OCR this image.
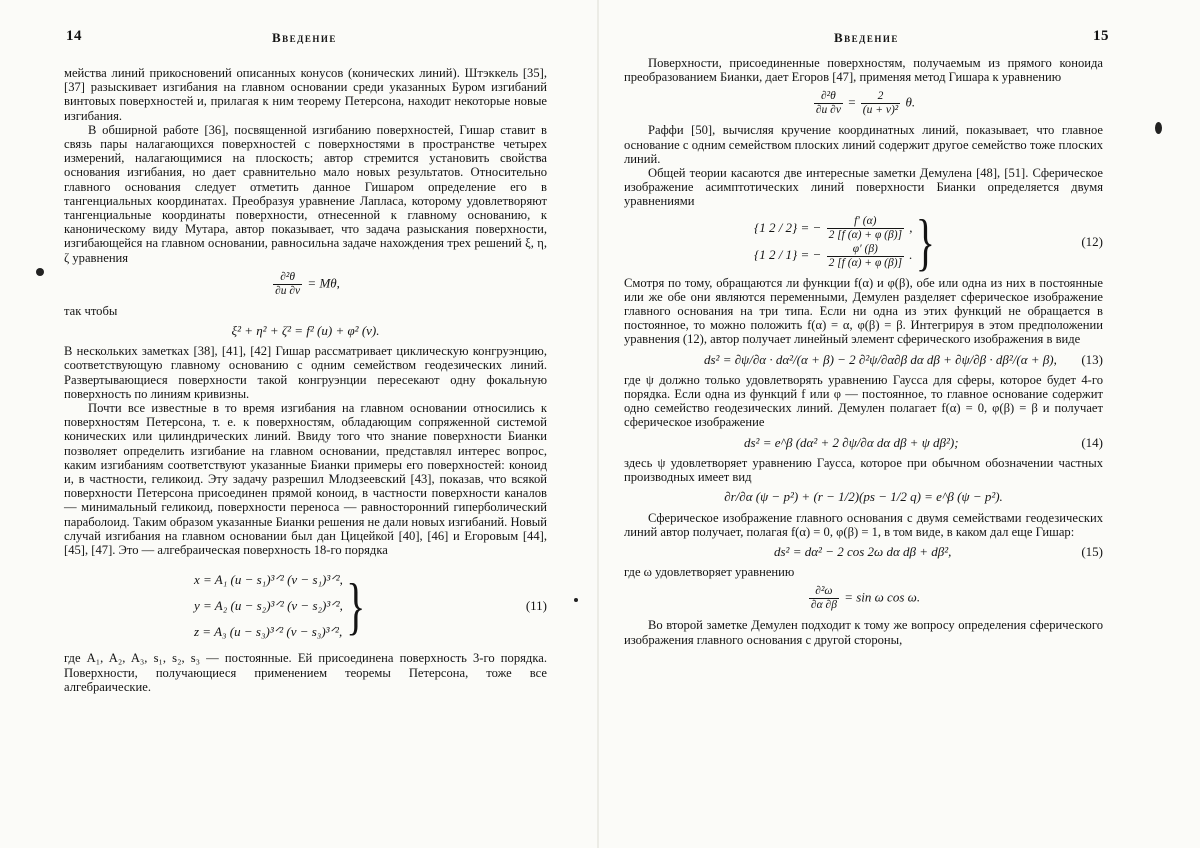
14	Введение

мейства линий прикосновений описанных конусов (конических линий). Штэккель [35], [37] разыскивает изгибания на главном основании среди указанных Буром изгибаний винтовых поверхностей и, прилагая к ним теорему Петерсона, находит некоторые новые изгибания.

В обширной работе [36], посвященной изгибанию поверхностей, Гишар ставит в связь пары налагающихся поверхностей с поверхностями в пространстве четырех измерений, налагающимися на плоскость; автор стремится установить свойства основания изгибания, но дает сравнительно мало новых результатов. Относительно главного основания следует отметить данное Гишаром определение его в тангенциальных координатах. Преобразуя уравнение Лапласа, которому удовлетворяют тангенциальные координаты поверхности, отнесенной к главному основанию, к каноническому виду Мутара, автор показывает, что задача разыскания поверхности, изгибающейся на главном основании, равносильна задаче нахождения трех решений ξ, η, ζ уравнения

$\frac{\text{∂²θ}}{\partial u \partial v} = M\theta$,

так чтобы

ξ² + η² + ζ² = f² (u) + φ² (v).

В нескольких заметках [38], [41], [42] Гишар рассматривает циклическую конгруэнцию, соответствующую главному основанию с одним семейством геодезических линий. Развертывающиеся поверхности такой конгруэнции пересекают одну фокальную поверхность по линиям кривизны.

Почти все известные в то время изгибания на главном основании относились к поверхностям Петерсона, т. е. к поверхностям, обладающим сопряженной системой конических или цилиндрических линий. Ввиду того что знание поверхности Бианки позволяет определить изгибание на главном основании, представлял интерес вопрос, каким изгибаниям соответствуют указанные Бианки примеры его поверхностей: коноид и, в частности, геликоид. Эту задачу разрешил Млодзеевский [43], показав, что всякой поверхности Петерсона присоединен прямой коноид, в частности поверхности каналов — минимальный геликоид, поверхности переноса — равносторонний гиперболический параболоид. Таким образом указанные Бианки решения не дали новых изгибаний. Новый случай изгибания на главном основании был дан Цицейкой [40], [46] и Егоровым [44], [45], [47]. Это — алгебраическая поверхность 18-го порядка

x = A₁ (u − s₁)³ᐟ² (v − s₁)³ᐟ²,
y = A₂ (u − s₂)³ᐟ² (v − s₂)³ᐟ²,
z = A₃ (u − s₃)³ᐟ² (v − s₃)³ᐟ², }	(11)

где A₁, A₂, A₃, s₁, s₂, s₃ — постоянные. Ей присоединена поверхность 3-го порядка. Поверхности, получающиеся применением теоремы Петерсона, тоже все алгебраические.

Введение	15

Поверхности, присоединенные поверхностям, получаемым из прямого коноида преобразованием Бианки, дает Егоров [47], применяя метод Гишара к уравнению

$\frac{\text{∂²θ}}{\partial u \partial v} = \frac{2}{\text{(u + v)²}} \theta$.

Раффи [50], вычисляя кручение координатных линий, показывает, что главное основание с одним семейством плоских линий содержит другое семейство тоже плоских линий.

Общей теории касаются две интересные заметки Демулена [48], [51]. Сферическое изображение асимптотических линий поверхности Бианки определяется двумя уравнениями

{1 2 / 2} = − $\frac{f' (\alpha)}{2 [f (\alpha) + \varphi (\beta)]}$ ,
{1 2 / 1} = − $\frac{\varphi' (\beta)}{2 [f (\alpha) + \varphi (\beta)]}$ . }	(12)

Смотря по тому, обращаются ли функции f(α) и φ(β), обе или одна из них в постоянные или же обе они являются переменными, Демулен разделяет сферическое изображение главного основания на три типа. Если ни одна из этих функций не обращается в постоянное, то можно положить f(α) = α, φ(β) = β. Интегрируя в этом предположении уравнения (12), автор получает линейный элемент сферического изображения в виде

ds² = ∂ψ/∂α · dα²/(α + β) − 2 ∂²ψ/∂α∂β dα dβ + ∂ψ/∂β · dβ²/(α + β), (13)

где ψ должно только удовлетворять уравнению Гаусса для сферы, которое будет 4-го порядка. Если одна из функций f или φ — постоянное, то главное основание содержит одно семейство геодезических линий. Демулен полагает f(α) = 0, φ(β) = β и получает сферическое изображение

ds² = e^β (dα² + 2 ∂ψ/∂α dα dβ + ψ dβ²);	(14)

здесь ψ удовлетворяет уравнению Гаусса, которое при обычном обозначении частных производных имеет вид

∂r/∂α (ψ − p²) + (r − 1/2)(ps − 1/2 q) = e^β (ψ − p²).

Сферическое изображение главного основания с двумя семействами геодезических линий автор получает, полагая f(α) = 0, φ(β) = 1, в том виде, в каком дал еще Гишар:

ds² = dα² − 2 cos 2ω dα dβ + dβ²,	(15)

где ω удовлетворяет уравнению

$\frac{\text{∂²ω}}{\partial\alpha \partial\beta} = \sin \omega$ cos ω.

Во второй заметке Демулен подходит к тому же вопросу определения сферического изображения главного основания с другой стороны,
